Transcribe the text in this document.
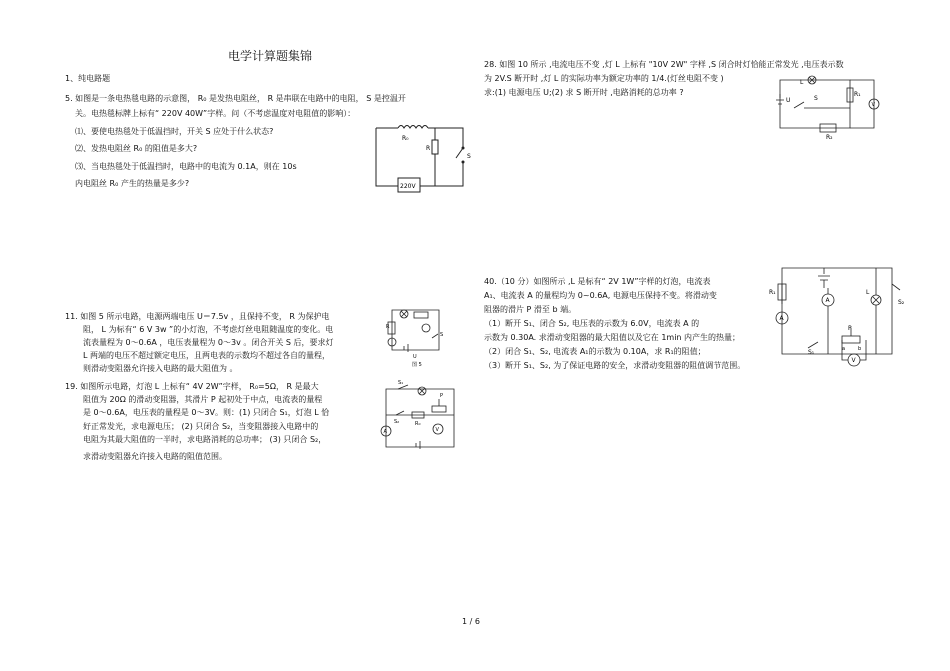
电学计算题集锦
1、纯电路题
5. 如图是一条电热毯电路的示意图， R₀ 是发热电阻丝， R 是串联在电路中的电阻， S 是控温开
关。电热毯标牌上标有“ 220V 40W”字样。问（不考虑温度对电阻值的影响）：
⑴、要使电热毯处于低温挡时，开关 S 应处于什么状态?
⑵、发热电阻丝 R₀ 的阻值是多大?
⑶、当电热毯处于低温挡时，电路中的电流为 0.1A，则在 10s
内电阻丝 R₀ 产生的热量是多少?
R₀
R
S
220V
11. 如图 5 所示电路，电源两端电压 U＝7.5v ，且保持不变， R 为保护电
阻， L 为标有“ 6 V 3w ”的小灯泡，不考虑灯丝电阻随温度的变化。电
流表量程为 0～0.6A ，电压表量程为 0～3v 。闭合开关 S 后，要求灯
L 两端的电压不超过额定电压，且两电表的示数均不超过各自的量程，
则滑动变阻器允许接入电路的最大阻值为 。
R
S
U
图 5
19. 如图所示电路，灯泡 L 上标有“ 4V 2W”字样， R₀=5Ω， R 是最大
阻值为 20Ω 的滑动变阻器，其滑片 P 起初处于中点，电流表的量程
是 0～0.6A，电压表的量程是 0～3V。则：(1) 只闭合 S₁，灯泡 L 恰
好正常发光，求电源电压； (2) 只闭合 S₂，当变阻器接入电路中的
电阻为其最大阻值的一半时，求电路消耗的总功率； (3) 只闭合 S₂，
求滑动变阻器允许接入电路的阻值范围。
S₁
S₂	R₀
P
A	V
28. 如图 10 所示 ,电流电压不变 ,灯 L 上标有 "10V 2W" 字样 ,S 闭合时灯恰能正常发光 ,电压表示数
为 2V.S 断开时 ,灯 L 的实际功率为额定功率的 1/4.(灯丝电阻不变 )
求:(1) 电源电压 U;(2) 求 S 断开时 ,电路消耗的总功率 ?
L
U	S
R₁
R₂
V
40.（10 分）如图所示 ,L 是标有“ 2V 1W”字样的灯泡，电流表
A₁、电流表 A 的量程均为 0~0.6A, 电源电压保持不变。将滑动变
阻器的滑片 P 滑至 b 端。
（1）断开 S₁、闭合 S₂, 电压表的示数为 6.0V，电流表 A 的
示数为 0.30A. 求滑动变阻器的最大阻值以及它在 1min 内产生的热量；
（2）闭合 S₁、S₂, 电流表 A₁的示数为 0.10A，求 R₁的阻值；
（3）断开 S₁、S₂, 为了保证电路的安全，求滑动变阻器的阻值调节范围。
R₁	L
S₂
S₁
P
a	b
A
A
V
1 / 6
